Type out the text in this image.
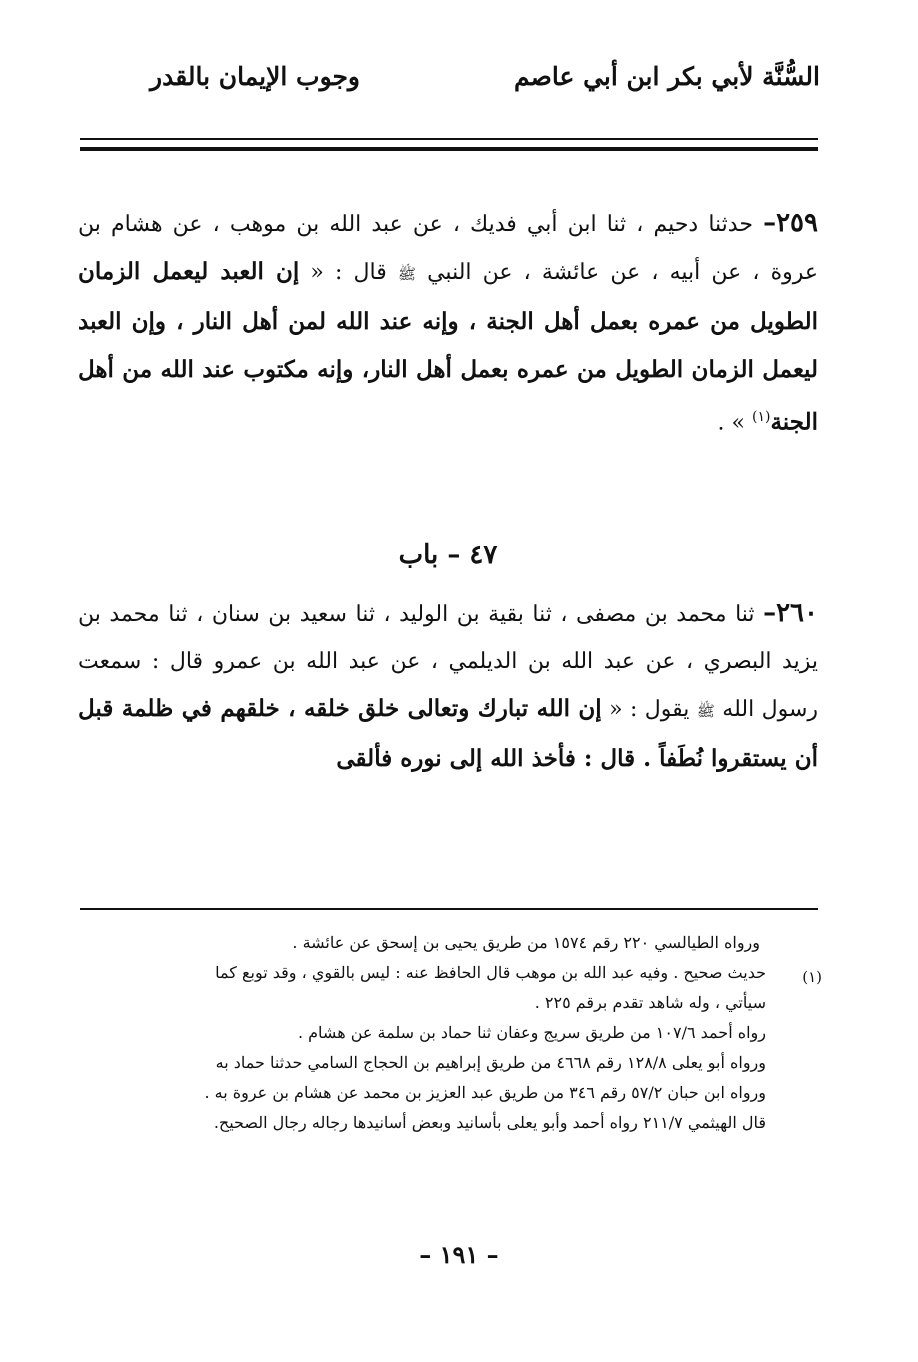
السُّنَّة لأبي بكر ابن أبي عاصم
وجوب الإيمان بالقدر

٢٥٩– حدثنا دحيم ، ثنا ابن أبي فديك ، عن عبد الله بن موهب ، عن هشام بن عروة ، عن أبيه ، عن عائشة ، عن النبي ﷺ قال : « إن العبد ليعمل الزمان الطويل من عمره بعمل أهل الجنة ، وإنه عند الله لمن أهل النار ، وإن العبد ليعمل الزمان الطويل من عمره بعمل أهل النار، وإنه مكتوب عند الله من أهل الجنة$^{(١)}$ » .

٤٧ – باب

٢٦٠– ثنا محمد بن مصفى ، ثنا بقية بن الوليد ، ثنا سعيد بن سنان ، ثنا محمد بن يزيد البصري ، عن عبد الله بن الديلمي ، عن عبد الله بن عمرو قال : سمعت رسول الله ﷺ يقول : « إن الله تبارك وتعالى خلق خلقه ، خلقهم في ظلمة قبل أن يستقروا نُطَفاً . قال : فأخذ الله إلى نوره فألقى

(١)
ورواه الطيالسي ٢٢٠ رقم ١٥٧٤ من طريق يحيى بن إسحق عن عائشة .
حديث صحيح . وفيه عبد الله بن موهب قال الحافظ عنه : ليس بالقوي ، وقد توبع كما
سيأتي ، وله شاهد تقدم برقم ٢٢٥ .
رواه أحمد ١٠٧/٦ من طريق سريج وعفان ثنا حماد بن سلمة عن هشام .
ورواه أبو يعلى ١٢٨/٨ رقم ٤٦٦٨ من طريق إبراهيم بن الحجاج السامي حدثنا حماد به
ورواه ابن حبان ٥٧/٢ رقم ٣٤٦ من طريق عبد العزيز بن محمد عن هشام بن عروة به .
قال الهيثمي ٢١١/٧ رواه أحمد وأبو يعلى بأسانيد وبعض أسانيدها رجاله رجال الصحيح.
– ١٩١ –
